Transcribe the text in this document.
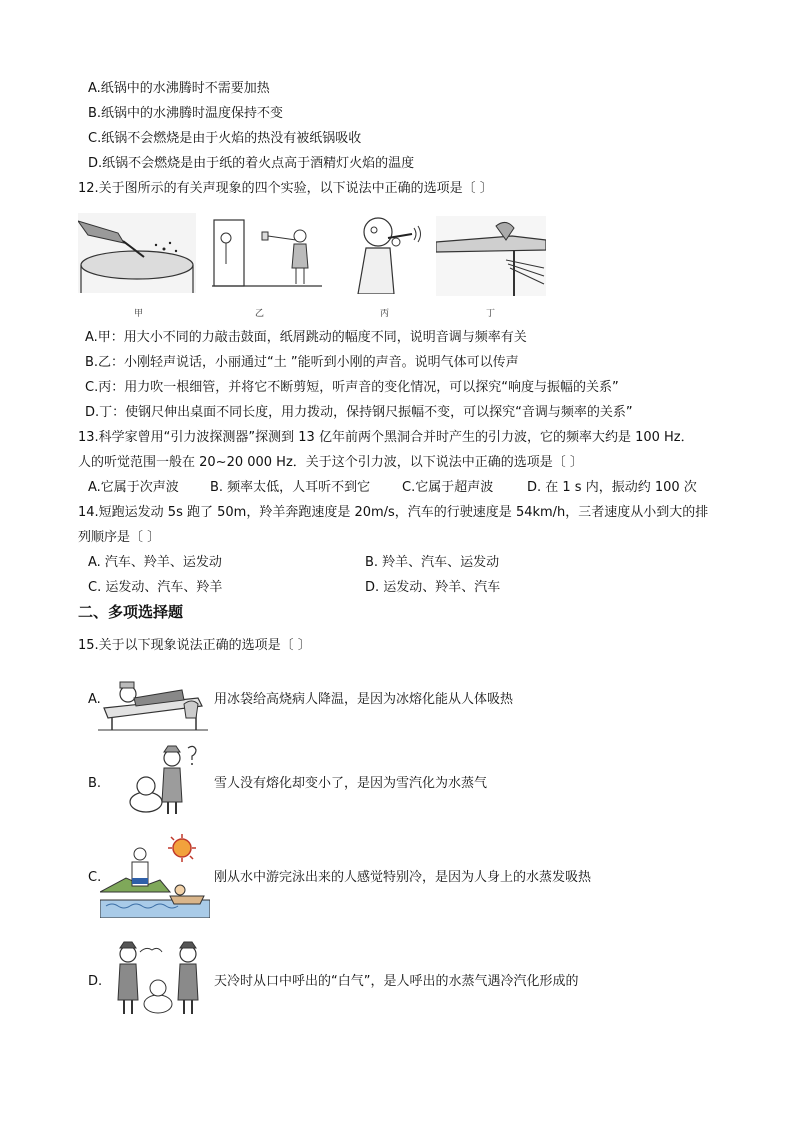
A.纸锅中的水沸腾时不需要加热
B.纸锅中的水沸腾时温度保持不变
C.纸锅不会燃烧是由于火焰的热没有被纸锅吸收
D.纸锅不会燃烧是由于纸的着火点高于酒精灯火焰的温度
12.关于图所示的有关声现象的四个实验，以下说法中正确的选项是〔 〕
甲	乙	丙	丁
A.甲：用大小不同的力敲击鼓面，纸屑跳动的幅度不同，说明音调与频率有关
B.乙：小刚轻声说话，小丽通过“土 ”能听到小刚的声音。说明气体可以传声
C.丙：用力吹一根细管，并将它不断剪短，听声音的变化情况，可以探究“响度与振幅的关系”
D.丁：使钢尺伸出桌面不同长度，用力拨动，保持钢尺振幅不变，可以探究“音调与频率的关系”
13.科学家曾用“引力波探测器”探测到 13 亿年前两个黑洞合并时产生的引力波，它的频率大约是 100 Hz．
人的听觉范围一般在 20~20 000 Hz．关于这个引力波，以下说法中正确的选项是〔 〕
A.它属于次声波 B. 频率太低，人耳听不到它 C.它属于超声波	D. 在 1 s 内，振动约 100 次
14.短跑运发动 5s 跑了 50m，羚羊奔跑速度是 20m/s，汽车的行驶速度是 54km/h，三者速度从小到大的排
列顺序是〔 〕
A. 汽车、羚羊、运发动	B. 羚羊、汽车、运发动
C. 运发动、汽车、羚羊	D. 运发动、羚羊、汽车
二、多项选择题
15.关于以下现象说法正确的选项是〔 〕
A.	用冰袋给高烧病人降温，是因为冰熔化能从人体吸热
B.	雪人没有熔化却变小了，是因为雪汽化为水蒸气
C.	刚从水中游完泳出来的人感觉特别冷，是因为人身上的水蒸发吸热
D.	天冷时从口中呼出的“白气”，是人呼出的水蒸气遇冷汽化形成的
